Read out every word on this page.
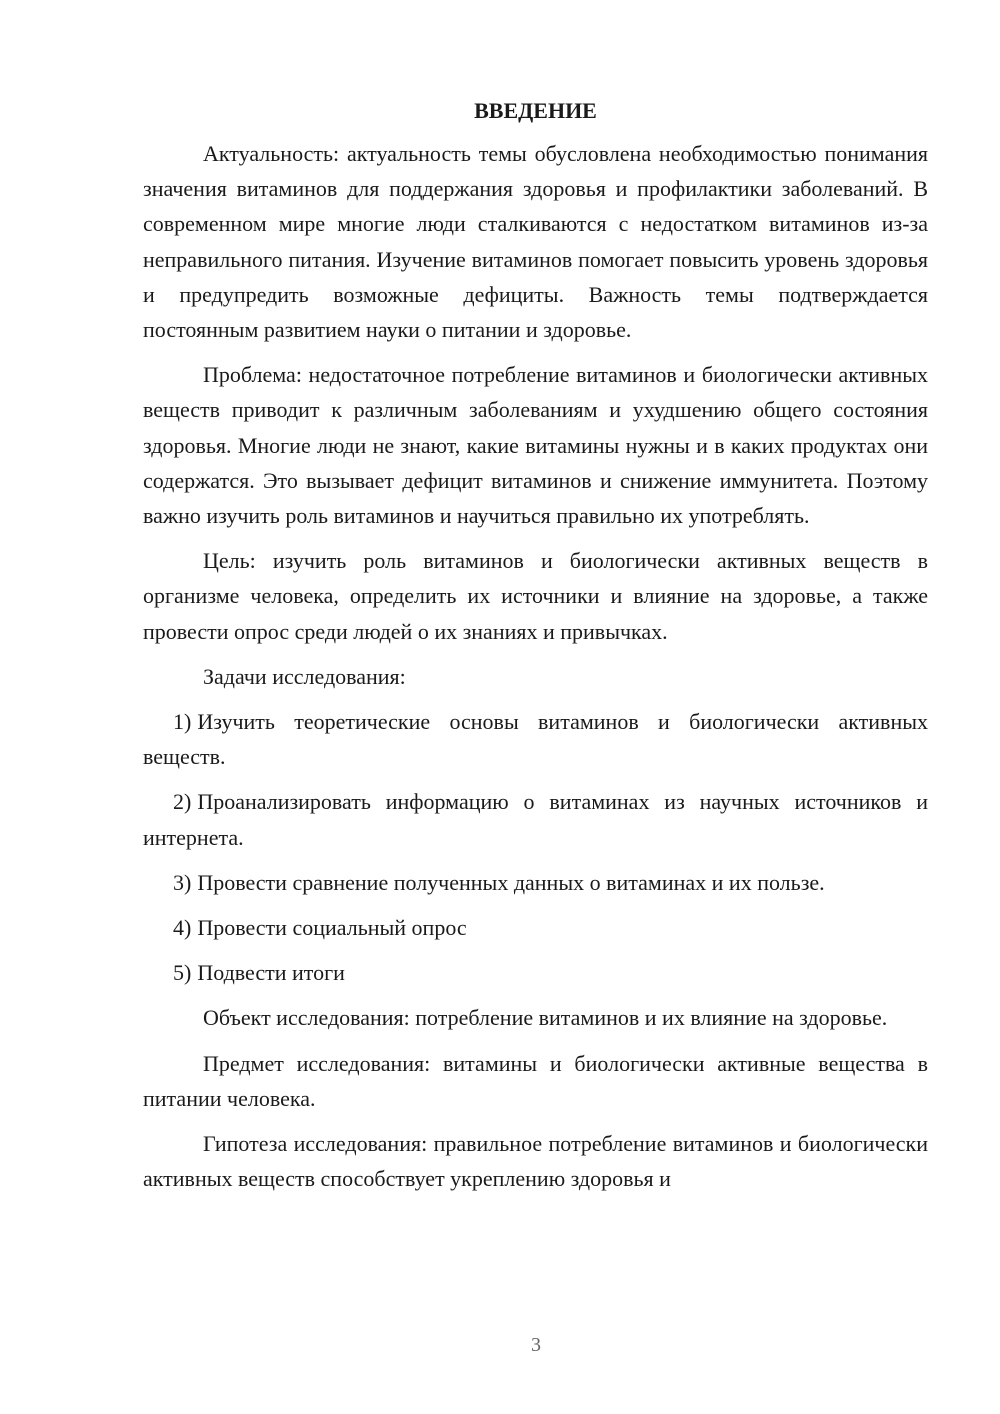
ВВЕДЕНИЕ

Актуальность: актуальность темы обусловлена необходимостью понимания значения витаминов для поддержания здоровья и профилактики заболеваний. В современном мире многие люди сталкиваются с недостатком витаминов из-за неправильного питания. Изучение витаминов помогает повысить уровень здоровья и предупредить возможные дефициты. Важность темы подтверждается постоянным развитием науки о питании и здоровье.

Проблема: недостаточное потребление витаминов и биологически активных веществ приводит к различным заболеваниям и ухудшению общего состояния здоровья. Многие люди не знают, какие витамины нужны и в каких продуктах они содержатся. Это вызывает дефицит витаминов и снижение иммунитета. Поэтому важно изучить роль витаминов и научиться правильно их употреблять.

Цель: изучить роль витаминов и биологически активных веществ в организме человека, определить их источники и влияние на здоровье, а также провести опрос среди людей о их знаниях и привычках.

Задачи исследования:

1) Изучить теоретические основы витаминов и биологически активных веществ.

2) Проанализировать информацию о витаминах из научных источников и интернета.

3) Провести сравнение полученных данных о витаминах и их пользе.

4) Провести социальный опрос

5) Подвести итоги

Объект исследования: потребление витаминов и их влияние на здоровье.

Предмет исследования: витамины и биологически активные вещества в питании человека.

Гипотеза исследования: правильное потребление витаминов и биологически активных веществ способствует укреплению здоровья и

3
